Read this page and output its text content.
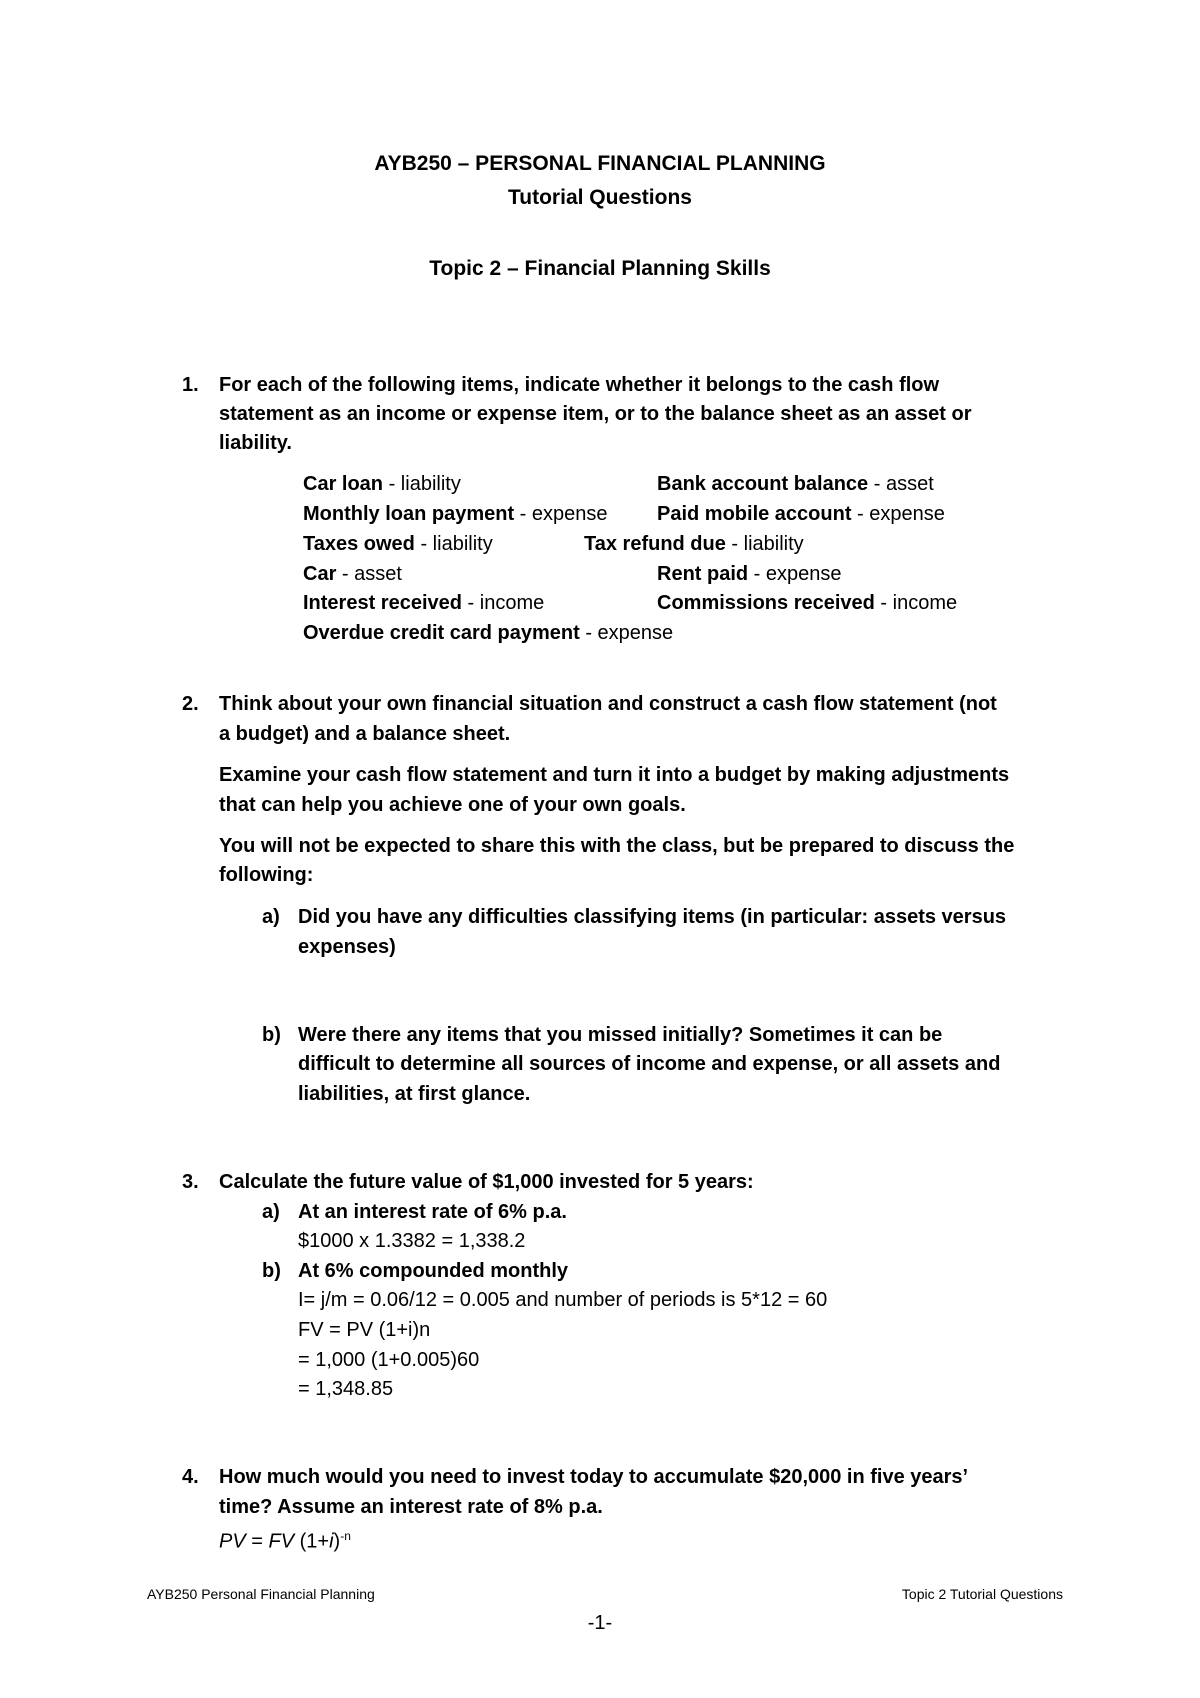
AYB250 – PERSONAL FINANCIAL PLANNING
Tutorial Questions
Topic 2 – Financial Planning Skills
1. For each of the following items, indicate whether it belongs to the cash flow
statement as an income or expense item, or to the balance sheet as an asset or
liability.
Car loan - liability	Bank account balance - asset
Monthly loan payment - expense Paid mobile account - expense
Taxes owed - liability	Tax refund due - liability
Car - asset	Rent paid - expense
Interest received - income	Commissions received - income
Overdue credit card payment - expense
2. Think about your own financial situation and construct a cash flow statement (not
a budget) and a balance sheet.
Examine your cash flow statement and turn it into a budget by making adjustments
that can help you achieve one of your own goals.
You will not be expected to share this with the class, but be prepared to discuss the
following:
a) Did you have any difficulties classifying items (in particular: assets versus
expenses)
b) Were there any items that you missed initially? Sometimes it can be
difficult to determine all sources of income and expense, or all assets and
liabilities, at first glance.
3. Calculate the future value of $1,000 invested for 5 years:
a) At an interest rate of 6% p.a.
$1000 x 1.3382 = 1,338.2
b) At 6% compounded monthly
I= j/m = 0.06/12 = 0.005 and number of periods is 5*12 = 60
FV = PV (1+i)n
= 1,000 (1+0.005)60
= 1,348.85
4. How much would you need to invest today to accumulate $20,000 in five years’
time? Assume an interest rate of 8% p.a.
PV = FV $(1+i)^{-n}$
AYB250 Personal Financial Planning	Topic 2 Tutorial Questions
-1-
